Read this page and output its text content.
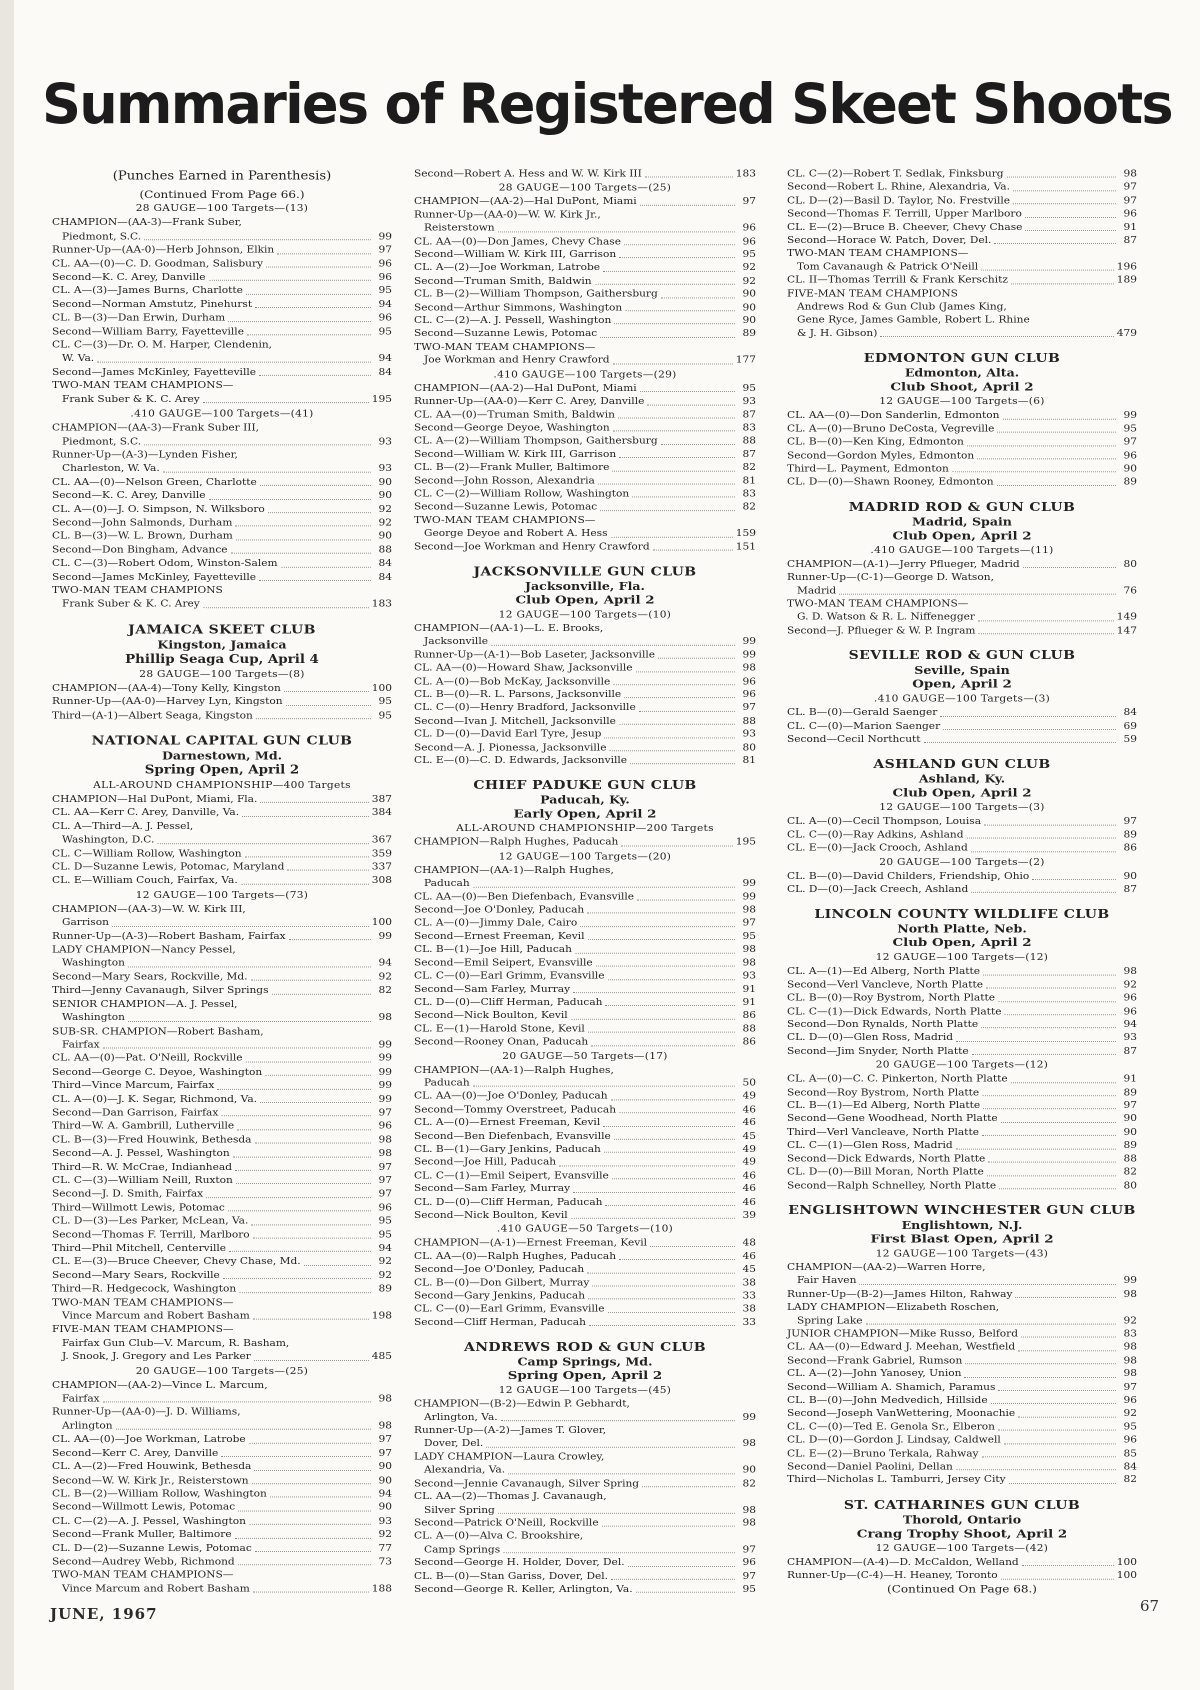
Summaries of Registered Skeet Shoots
(Punches Earned in Parenthesis)
(Continued From Page 66.)
28 GAUGE—100 Targets—(13)
CHAMPION—(AA-3)—Frank Suber,
Piedmont, S.C.	99
Runner-Up—(AA-0)—Herb Johnson, Elkin	97
CL. AA—(0)—C. D. Goodman, Salisbury	96
Second—K. C. Arey, Danville	96
CL. A—(3)—James Burns, Charlotte	95
Second—Norman Amstutz, Pinehurst	94
CL. B—(3)—Dan Erwin, Durham	96
Second—William Barry, Fayetteville	95
CL. C—(3)—Dr. O. M. Harper, Clendenin,
W. Va.	94
Second—James McKinley, Fayetteville	84
TWO-MAN TEAM CHAMPIONS—
Frank Suber & K. C. Arey	195
.410 GAUGE—100 Targets—(41)
CHAMPION—(AA-3)—Frank Suber III,
Piedmont, S.C.	93
Runner-Up—(A-3)—Lynden Fisher,
Charleston, W. Va.	93
CL. AA—(0)—Nelson Green, Charlotte	90
Second—K. C. Arey, Danville	90
CL. A—(0)—J. O. Simpson, N. Wilksboro	92
Second—John Salmonds, Durham	92
CL. B—(3)—W. L. Brown, Durham	90
Second—Don Bingham, Advance	88
CL. C—(3)—Robert Odom, Winston-Salem	84
Second—James McKinley, Fayetteville	84
TWO-MAN TEAM CHAMPIONS
Frank Suber & K. C. Arey	183
JAMAICA SKEET CLUB
Kingston, Jamaica
Phillip Seaga Cup, April 4
28 GAUGE—100 Targets—(8)
CHAMPION—(AA-4)—Tony Kelly, Kingston	100
Runner-Up—(AA-0)—Harvey Lyn, Kingston	95
Third—(A-1)—Albert Seaga, Kingston	95
NATIONAL CAPITAL GUN CLUB
Darnestown, Md.
Spring Open, April 2
ALL-AROUND CHAMPIONSHIP—400 Targets
CHAMPION—Hal DuPont, Miami, Fla.	387
CL. AA—Kerr C. Arey, Danville, Va.	384
CL. A—Third—A. J. Pessel,
Washington, D.C.	367
CL. C—William Rollow, Washington	359
CL. D—Suzanne Lewis, Potomac, Maryland	337
CL. E—William Couch, Fairfax, Va.	308
12 GAUGE—100 Targets—(73)
CHAMPION—(AA-3)—W. W. Kirk III,
Garrison	100
Runner-Up—(A-3)—Robert Basham, Fairfax	99
LADY CHAMPION—Nancy Pessel,
Washington	94
Second—Mary Sears, Rockville, Md.	92
Third—Jenny Cavanaugh, Silver Springs	82
SENIOR CHAMPION—A. J. Pessel,
Washington	98
SUB-SR. CHAMPION—Robert Basham,
Fairfax	99
CL. AA—(0)—Pat. O'Neill, Rockville	99
Second—George C. Deyoe, Washington	99
Third—Vince Marcum, Fairfax	99
CL. A—(0)—J. K. Segar, Richmond, Va.	99
Second—Dan Garrison, Fairfax	97
Third—W. A. Gambrill, Lutherville	96
CL. B—(3)—Fred Houwink, Bethesda	98
Second—A. J. Pessel, Washington	98
Third—R. W. McCrae, Indianhead	97
CL. C—(3)—William Neill, Ruxton	97
Second—J. D. Smith, Fairfax	97
Third—Willmott Lewis, Potomac	96
CL. D—(3)—Les Parker, McLean, Va.	95
Second—Thomas F. Terrill, Marlboro	95
Third—Phil Mitchell, Centerville	94
CL. E—(3)—Bruce Cheever, Chevy Chase, Md.	92
Second—Mary Sears, Rockville	92
Third—R. Hedgecock, Washington	89
TWO-MAN TEAM CHAMPIONS—
Vince Marcum and Robert Basham	198
FIVE-MAN TEAM CHAMPIONS—
Fairfax Gun Club—V. Marcum, R. Basham,
J. Snook, J. Gregory and Les Parker	485
20 GAUGE—100 Targets—(25)
CHAMPION—(AA-2)—Vince L. Marcum,
Fairfax	98
Runner-Up—(AA-0)—J. D. Williams,
Arlington	98
CL. AA—(0)—Joe Workman, Latrobe	97
Second—Kerr C. Arey, Danville	97
CL. A—(2)—Fred Houwink, Bethesda	90
Second—W. W. Kirk Jr., Reisterstown	90
CL. B—(2)—William Rollow, Washington	94
Second—Willmott Lewis, Potomac	90
CL. C—(2)—A. J. Pessel, Washington	93
Second—Frank Muller, Baltimore	92
CL. D—(2)—Suzanne Lewis, Potomac	77
Second—Audrey Webb, Richmond	73
TWO-MAN TEAM CHAMPIONS—
Vince Marcum and Robert Basham	188
Second—Robert A. Hess and W. W. Kirk III	183
28 GAUGE—100 Targets—(25)
CHAMPION—(AA-2)—Hal DuPont, Miami	97
Runner-Up—(AA-0)—W. W. Kirk Jr.,
Reisterstown	96
CL. AA—(0)—Don James, Chevy Chase	96
Second—William W. Kirk III, Garrison	95
CL. A—(2)—Joe Workman, Latrobe	92
Second—Truman Smith, Baldwin	92
CL. B—(2)—William Thompson, Gaithersburg	90
Second—Arthur Simmons, Washington	90
CL. C—(2)—A. J. Pessell, Washington	90
Second—Suzanne Lewis, Potomac	89
TWO-MAN TEAM CHAMPIONS—
Joe Workman and Henry Crawford	177
.410 GAUGE—100 Targets—(29)
CHAMPION—(AA-2)—Hal DuPont, Miami	95
Runner-Up—(AA-0)—Kerr C. Arey, Danville	93
CL. AA—(0)—Truman Smith, Baldwin	87
Second—George Deyoe, Washington	83
CL. A—(2)—William Thompson, Gaithersburg	88
Second—William W. Kirk III, Garrison	87
CL. B—(2)—Frank Muller, Baltimore	82
Second—John Rosson, Alexandria	81
CL. C—(2)—William Rollow, Washington	83
Second—Suzanne Lewis, Potomac	82
TWO-MAN TEAM CHAMPIONS—
George Deyoe and Robert A. Hess	159
Second—Joe Workman and Henry Crawford	151
JACKSONVILLE GUN CLUB
Jacksonville, Fla.
Club Open, April 2
12 GAUGE—100 Targets—(10)
CHAMPION—(AA-1)—L. E. Brooks,
Jacksonville	99
Runner-Up—(A-1)—Bob Laseter, Jacksonville	99
CL. AA—(0)—Howard Shaw, Jacksonville	98
CL. A—(0)—Bob McKay, Jacksonville	96
CL. B—(0)—R. L. Parsons, Jacksonville	96
CL. C—(0)—Henry Bradford, Jacksonville	97
Second—Ivan J. Mitchell, Jacksonville	88
CL. D—(0)—David Earl Tyre, Jesup	93
Second—A. J. Pionessa, Jacksonville	80
CL. E—(0)—C. D. Edwards, Jacksonville	81
CHIEF PADUKE GUN CLUB
Paducah, Ky.
Early Open, April 2
ALL-AROUND CHAMPIONSHIP—200 Targets
CHAMPION—Ralph Hughes, Paducah	195
12 GAUGE—100 Targets—(20)
CHAMPION—(AA-1)—Ralph Hughes,
Paducah	99
CL. AA—(0)—Ben Diefenbach, Evansville	99
Second—Joe O'Donley, Paducah	98
CL. A—(0)—Jimmy Dale, Cairo	97
Second—Ernest Freeman, Kevil	95
CL. B—(1)—Joe Hill, Paducah	98
Second—Emil Seipert, Evansville	98
CL. C—(0)—Earl Grimm, Evansville	93
Second—Sam Farley, Murray	91
CL. D—(0)—Cliff Herman, Paducah	91
Second—Nick Boulton, Kevil	86
CL. E—(1)—Harold Stone, Kevil	88
Second—Rooney Onan, Paducah	86
20 GAUGE—50 Targets—(17)
CHAMPION—(AA-1)—Ralph Hughes,
Paducah	50
CL. AA—(0)—Joe O'Donley, Paducah	49
Second—Tommy Overstreet, Paducah	46
CL. A—(0)—Ernest Freeman, Kevil	46
Second—Ben Diefenbach, Evansville	45
CL. B—(1)—Gary Jenkins, Paducah	49
Second—Joe Hill, Paducah	49
CL. C—(1)—Emil Seipert, Evansville	46
Second—Sam Farley, Murray	46
CL. D—(0)—Cliff Herman, Paducah	46
Second—Nick Boulton, Kevil	39
.410 GAUGE—50 Targets—(10)
CHAMPION—(A-1)—Ernest Freeman, Kevil	48
CL. AA—(0)—Ralph Hughes, Paducah	46
Second—Joe O'Donley, Paducah	45
CL. B—(0)—Don Gilbert, Murray	38
Second—Gary Jenkins, Paducah	33
CL. C—(0)—Earl Grimm, Evansville	38
Second—Cliff Herman, Paducah	33
ANDREWS ROD & GUN CLUB
Camp Springs, Md.
Spring Open, April 2
12 GAUGE—100 Targets—(45)
CHAMPION—(B-2)—Edwin P. Gebhardt,
Arlington, Va.	99
Runner-Up—(A-2)—James T. Glover,
Dover, Del.	98
LADY CHAMPION—Laura Crowley,
Alexandria, Va.	90
Second—Jennie Cavanaugh, Silver Spring	82
CL. AA—(2)—Thomas J. Cavanaugh,
Silver Spring	98
Second—Patrick O'Neill, Rockville	98
CL. A—(0)—Alva C. Brookshire,
Camp Springs	97
Second—George H. Holder, Dover, Del.	96
CL. B—(0)—Stan Gariss, Dover, Del.	97
Second—George R. Keller, Arlington, Va.	95
CL. C—(2)—Robert T. Sedlak, Finksburg	98
Second—Robert L. Rhine, Alexandria, Va.	97
CL. D—(2)—Basil D. Taylor, No. Frestville	97
Second—Thomas F. Terrill, Upper Marlboro	96
CL. E—(2)—Bruce B. Cheever, Chevy Chase	91
Second—Horace W. Patch, Dover, Del.	87
TWO-MAN TEAM CHAMPIONS—
Tom Cavanaugh & Patrick O'Neill	196
CL. II—Thomas Terrill & Frank Kerschitz	189
FIVE-MAN TEAM CHAMPIONS
Andrews Rod & Gun Club (James King,
Gene Ryce, James Gamble, Robert L. Rhine
& J. H. Gibson)	479
EDMONTON GUN CLUB
Edmonton, Alta.
Club Shoot, April 2
12 GAUGE—100 Targets—(6)
CL. AA—(0)—Don Sanderlin, Edmonton	99
CL. A—(0)—Bruno DeCosta, Vegreville	95
CL. B—(0)—Ken King, Edmonton	97
Second—Gordon Myles, Edmonton	96
Third—L. Payment, Edmonton	90
CL. D—(0)—Shawn Rooney, Edmonton	89
MADRID ROD & GUN CLUB
Madrid, Spain
Club Open, April 2
.410 GAUGE—100 Targets—(11)
CHAMPION—(A-1)—Jerry Pflueger, Madrid	80
Runner-Up—(C-1)—George D. Watson,
Madrid	76
TWO-MAN TEAM CHAMPIONS—
G. D. Watson & R. L. Niffenegger	149
Second—J. Pflueger & W. P. Ingram	147
SEVILLE ROD & GUN CLUB
Seville, Spain
Open, April 2
.410 GAUGE—100 Targets—(3)
CL. B—(0)—Gerald Saenger	84
CL. C—(0)—Marion Saenger	69
Second—Cecil Northcutt	59
ASHLAND GUN CLUB
Ashland, Ky.
Club Open, April 2
12 GAUGE—100 Targets—(3)
CL. A—(0)—Cecil Thompson, Louisa	97
CL. C—(0)—Ray Adkins, Ashland	89
CL. E—(0)—Jack Crooch, Ashland	86
20 GAUGE—100 Targets—(2)
CL. B—(0)—David Childers, Friendship, Ohio	90
CL. D—(0)—Jack Creech, Ashland	87
LINCOLN COUNTY WILDLIFE CLUB
North Platte, Neb.
Club Open, April 2
12 GAUGE—100 Targets—(12)
CL. A—(1)—Ed Alberg, North Platte	98
Second—Verl Vancleve, North Platte	92
CL. B—(0)—Roy Bystrom, North Platte	96
CL. C—(1)—Dick Edwards, North Platte	96
Second—Don Rynalds, North Platte	94
CL. D—(0)—Glen Ross, Madrid	93
Second—Jim Snyder, North Platte	87
20 GAUGE—100 Targets—(12)
CL. A—(0)—C. C. Pinkerton, North Platte	91
Second—Roy Bystrom, North Platte	89
CL. B—(1)—Ed Alberg, North Platte	97
Second—Gene Woodhead, North Platte	90
Third—Verl Vancleave, North Platte	90
CL. C—(1)—Glen Ross, Madrid	89
Second—Dick Edwards, North Platte	88
CL. D—(0)—Bill Moran, North Platte	82
Second—Ralph Schnelley, North Platte	80
ENGLISHTOWN WINCHESTER GUN CLUB
Englishtown, N.J.
First Blast Open, April 2
12 GAUGE—100 Targets—(43)
CHAMPION—(AA-2)—Warren Horre,
Fair Haven	99
Runner-Up—(B-2)—James Hilton, Rahway	98
LADY CHAMPION—Elizabeth Roschen,
Spring Lake	92
JUNIOR CHAMPION—Mike Russo, Belford	83
CL. AA—(0)—Edward J. Meehan, Westfield	98
Second—Frank Gabriel, Rumson	98
CL. A—(2)—John Yanosey, Union	98
Second—William A. Shamich, Paramus	97
CL. B—(0)—John Medvedich, Hillside	96
Second—Joseph VanWettering, Moonachie	92
CL. C—(0)—Ted E. Genola Sr., Elberon	95
CL. D—(0)—Gordon J. Lindsay, Caldwell	96
CL. E—(2)—Bruno Terkala, Rahway	85
Second—Daniel Paolini, Dellan	84
Third—Nicholas L. Tamburri, Jersey City	82
ST. CATHARINES GUN CLUB
Thorold, Ontario
Crang Trophy Shoot, April 2
12 GAUGE—100 Targets—(42)
CHAMPION—(A-4)—D. McCaldon, Welland	100
Runner-Up—(C-4)—H. Heaney, Toronto	100
(Continued On Page 68.)
JUNE, 1967	67
